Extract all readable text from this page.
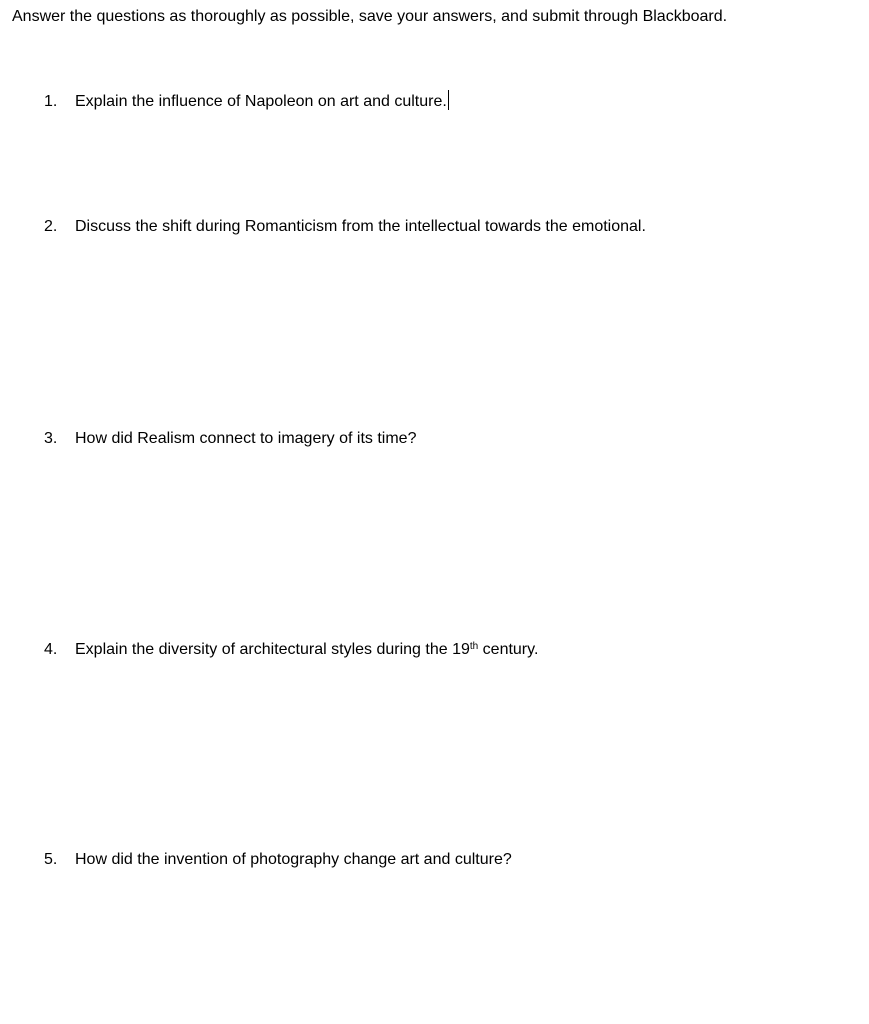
Answer the questions as thoroughly as possible, save your answers, and submit through Blackboard.
1. Explain the influence of Napoleon on art and culture.
2. Discuss the shift during Romanticism from the intellectual towards the emotional.
3. How did Realism connect to imagery of its time?
4. Explain the diversity of architectural styles during the 19th century.
5. How did the invention of photography change art and culture?
